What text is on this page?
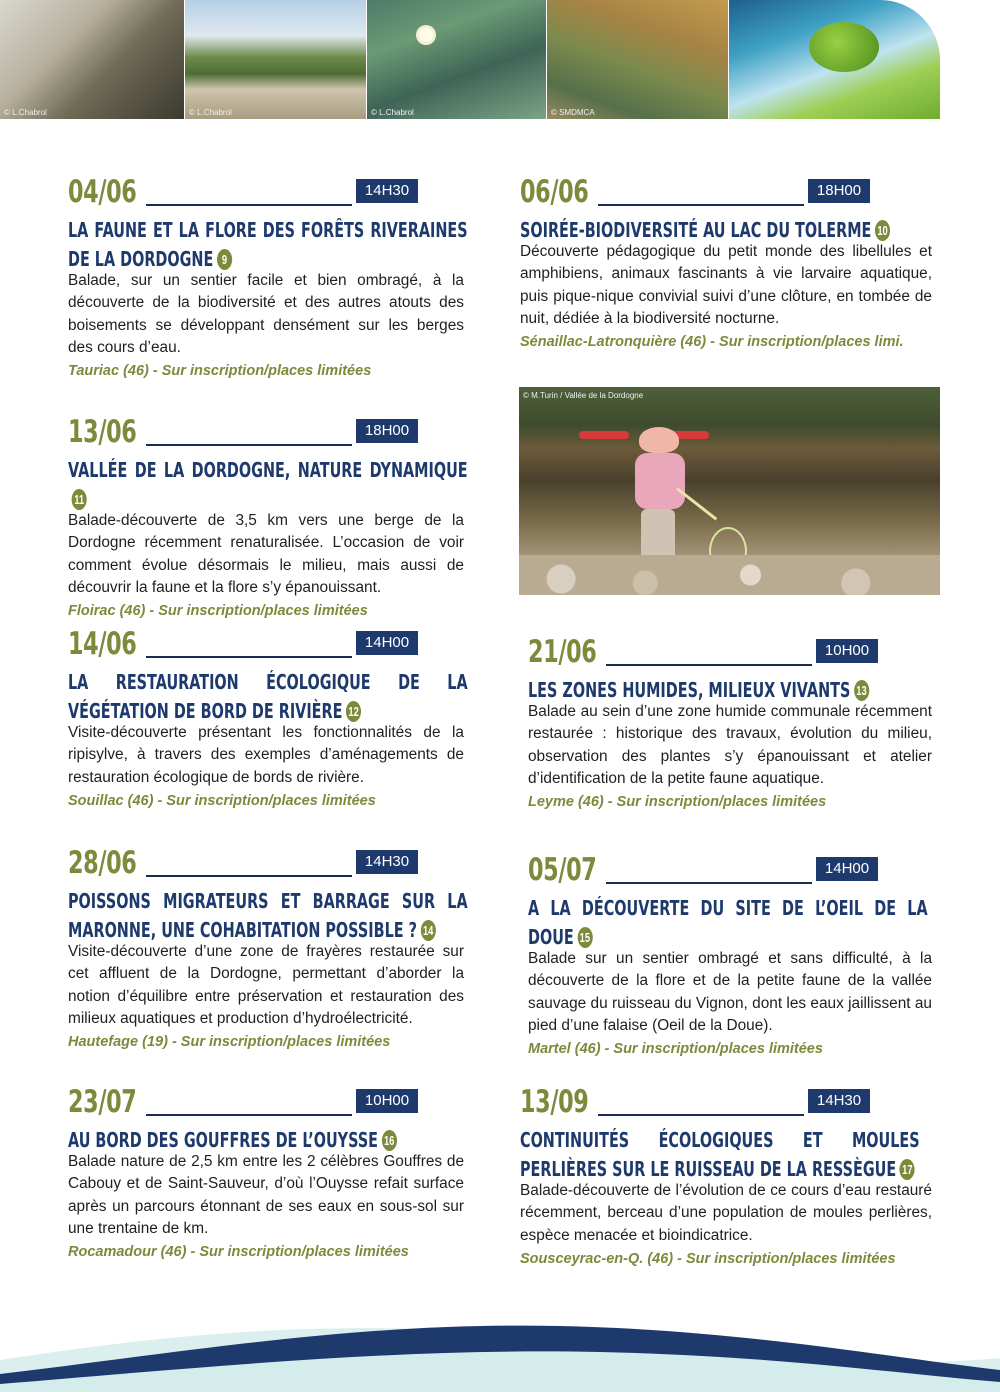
© L.Chabrol	© L.Chabrol	© L.Chabrol	© SMDMCA
04/06	14H30
LA FAUNE ET LA FLORE DES FORÊTS RIVERAINES DE LA DORDOGNE 9
Balade, sur un sentier facile et bien ombragé, à la découverte de la biodiversité et des autres atouts des boisements se développant densément sur les berges des cours d’eau.
Tauriac (46) - Sur inscription/places limitées
13/06	18H00
VALLÉE DE LA DORDOGNE, NATURE DYNAMIQUE11
Balade-découverte de 3,5 km vers une berge de la Dordogne récemment renaturalisée. L’occasion de voir comment évolue désormais le milieu, mais aussi de découvrir la faune et la flore s’y épanouissant.
Floirac (46) - Sur inscription/places limitées
14/06	14H00
LA RESTAURATION ÉCOLOGIQUE DE LA VÉGÉTATION DE BORD DE RIVIÈRE 12
Visite-découverte présentant les fonctionnalités de la ripisylve, à travers des exemples d’aménagements de restauration écologique de bords de rivière.
Souillac (46) - Sur inscription/places limitées
28/06	14H30
POISSONS MIGRATEURS ET BARRAGE SUR LA MARONNE, UNE COHABITATION POSSIBLE ? 14
Visite-découverte d’une zone de frayères restaurée sur cet affluent de la Dordogne, permettant d’aborder la notion d’équilibre entre préservation et restauration des milieux aquatiques et production d’hydroélectricité.
Hautefage (19) - Sur inscription/places limitées
23/07	10H00
AU BORD DES GOUFFRES DE L’OUYSSE 16
Balade nature de 2,5 km entre les 2 célèbres Gouffres de Cabouy et de Saint-Sauveur, d’où l’Ouysse refait surface après un parcours étonnant de ses eaux en sous-sol sur une trentaine de km.
Rocamadour (46) - Sur inscription/places limitées
06/06	18H00
SOIRÉE-BIODIVERSITÉ AU LAC DU TOLERME 10
Découverte pédagogique du petit monde des libellules et amphibiens, animaux fascinants à vie larvaire aquatique, puis pique-nique convivial suivi d’une clôture, en tombée de nuit, dédiée à la biodiversité nocturne.
Sénaillac-Latronquière (46) - Sur inscription/places limi.
© M.Turin / Vallée de la Dordogne
21/06	10H00
LES ZONES HUMIDES, MILIEUX VIVANTS 13
Balade au sein d’une zone humide communale récemment restaurée : historique des travaux, évolution du milieu, observation des plantes s’y épanouissant et atelier d’identification de la petite faune aquatique.
Leyme (46) - Sur inscription/places limitées
05/07	14H00
A LA DÉCOUVERTE DU SITE DE L’OEIL DE LA DOUE 15
Balade sur un sentier ombragé et sans difficulté, à la découverte de la flore et de la petite faune de la vallée sauvage du ruisseau du Vignon, dont les eaux jaillissent au pied d’une falaise (Oeil de la Doue).
Martel (46) - Sur inscription/places limitées
13/09	14H30
CONTINUITÉS ÉCOLOGIQUES ET MOULES PERLIÈRES SUR LE RUISSEAU DE LA RESSÈGUE 17
Balade-découverte de l’évolution de ce cours d’eau restauré récemment, berceau d’une population de moules perlières, espèce menacée et bioindicatrice.
Sousceyrac-en-Q. (46) - Sur inscription/places limitées
